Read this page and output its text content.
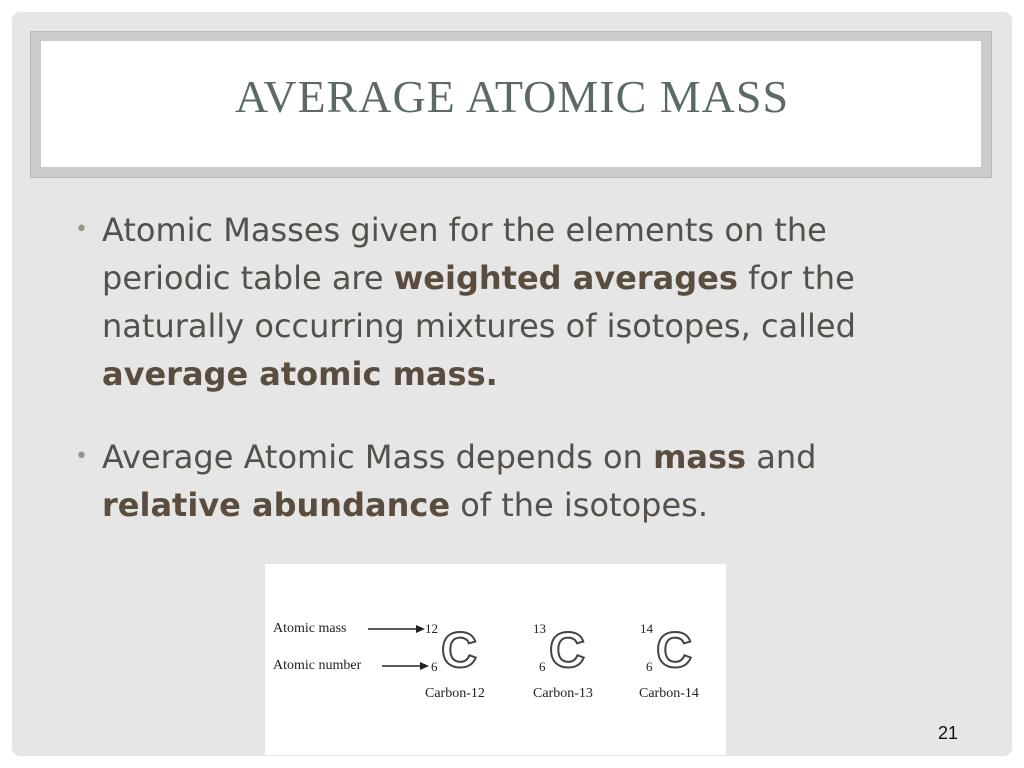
AVERAGE ATOMIC MASS

• Atomic Masses given for the elements on the periodic table are weighted averages for the naturally occurring mixtures of isotopes, called average atomic mass.

• Average Atomic Mass depends on mass and relative abundance of the isotopes.

Atomic mass
Atomic number
12
6 C
Carbon-12
13
6 C
Carbon-13
14
6 C
Carbon-14
21
